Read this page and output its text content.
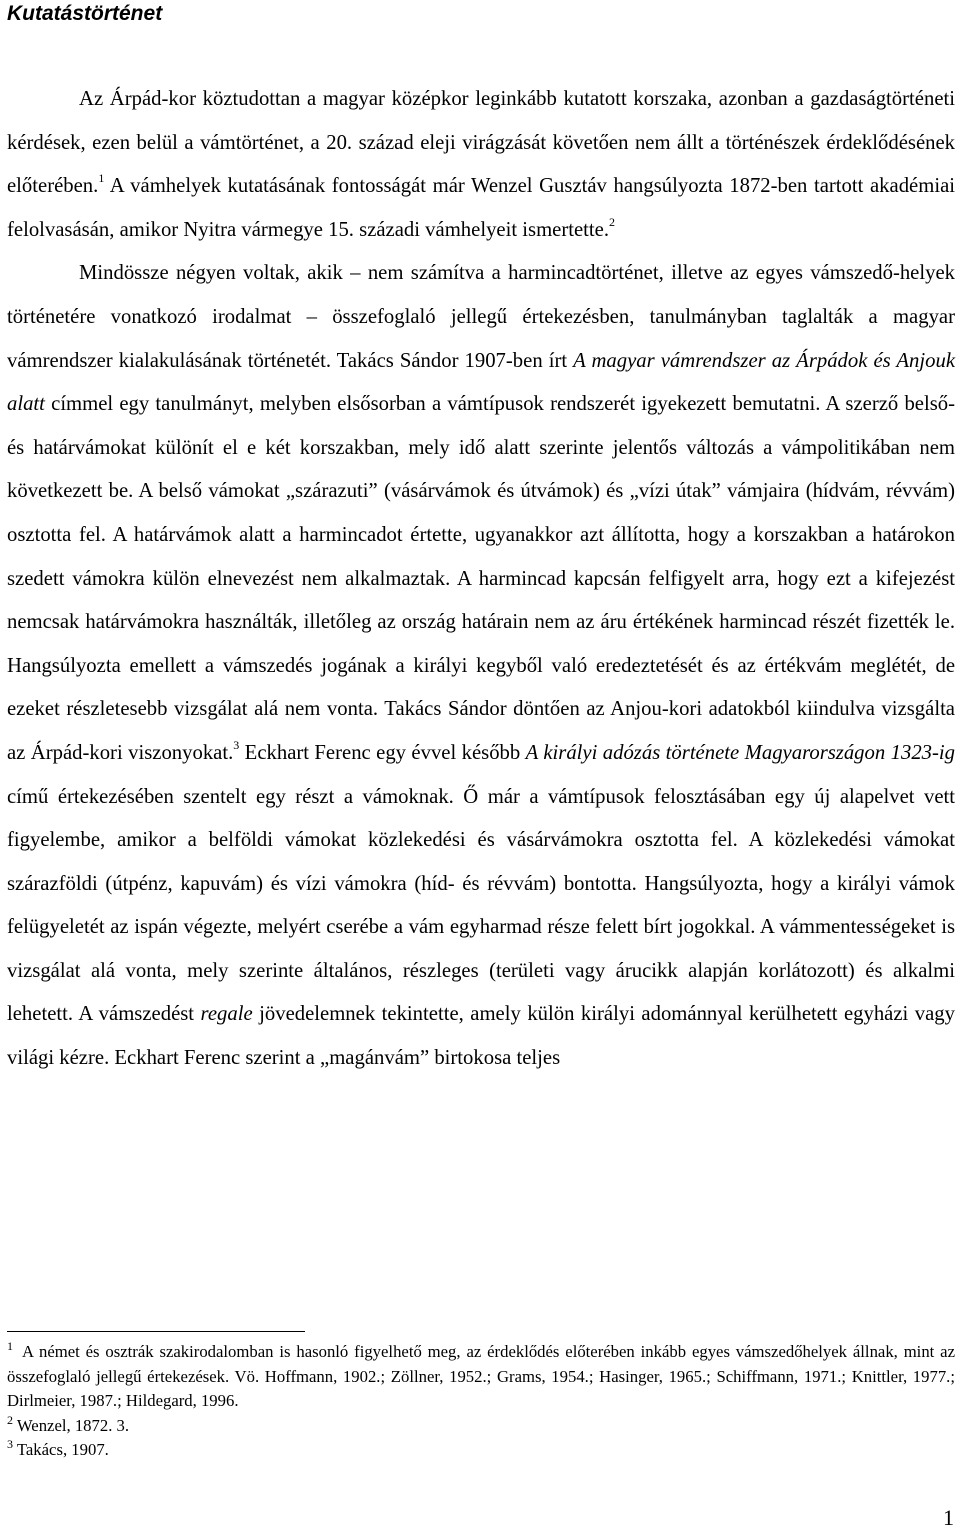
Kutatástörténet

Az Árpád-kor köztudottan a magyar középkor leginkább kutatott korszaka, azonban a gazdaságtörténeti kérdések, ezen belül a vámtörténet, a 20. század eleji virágzását követően nem állt a történészek érdeklődésének előterében.$^1$ A vámhelyek kutatásának fontosságát már Wenzel Gusztáv hangsúlyozta 1872-ben tartott akadémiai felolvasásán, amikor Nyitra vármegye 15. századi vámhelyeit ismertette.$^2$

Mindössze négyen voltak, akik – nem számítva a harmincadtörténet, illetve az egyes vámszedő-helyek történetére vonatkozó irodalmat – összefoglaló jellegű értekezésben, tanulmányban taglalták a magyar vámrendszer kialakulásának történetét. Takács Sándor 1907-ben írt A magyar vámrendszer az Árpádok és Anjouk alatt címmel egy tanulmányt, melyben elsősorban a vámtípusok rendszerét igyekezett bemutatni. A szerző belső- és határvámokat különít el e két korszakban, mely idő alatt szerinte jelentős változás a vámpolitikában nem következett be. A belső vámokat „szárazuti” (vásárvámok és útvámok) és „vízi útak” vámjaira (hídvám, révvám) osztotta fel. A határvámok alatt a harmincadot értette, ugyanakkor azt állította, hogy a korszakban a határokon szedett vámokra külön elnevezést nem alkalmaztak. A harmincad kapcsán felfigyelt arra, hogy ezt a kifejezést nemcsak határvámokra használták, illetőleg az ország határain nem az áru értékének harmincad részét fizették le. Hangsúlyozta emellett a vámszedés jogának a királyi kegyből való eredeztetését és az értékvám meglétét, de ezeket részletesebb vizsgálat alá nem vonta. Takács Sándor döntően az Anjou-kori adatokból kiindulva vizsgálta az Árpád-kori viszonyokat.$^3$ Eckhart Ferenc egy évvel később A királyi adózás története Magyarországon 1323-ig című értekezésében szentelt egy részt a vámoknak. Ő már a vámtípusok felosztásában egy új alapelvet vett figyelembe, amikor a belföldi vámokat közlekedési és vásárvámokra osztotta fel. A közlekedési vámokat szárazföldi (útpénz, kapuvám) és vízi vámokra (híd- és révvám) bontotta. Hangsúlyozta, hogy a királyi vámok felügyeletét az ispán végezte, melyért cserébe a vám egyharmad része felett bírt jogokkal. A vámmentességeket is vizsgálat alá vonta, mely szerinte általános, részleges (területi vagy árucikk alapján korlátozott) és alkalmi lehetett. A vámszedést regale jövedelemnek tekintette, amely külön királyi adománnyal kerülhetett egyházi vagy világi kézre. Eckhart Ferenc szerint a „magánvám” birtokosa teljes

$^1$ A német és osztrák szakirodalomban is hasonló figyelhető meg, az érdeklődés előterében inkább egyes vámszedőhelyek állnak, mint az összefoglaló jellegű értekezések. Vö. Hoffmann, 1902.; Zöllner, 1952.; Grams, 1954.; Hasinger, 1965.; Schiffmann, 1971.; Knittler, 1977.; Dirlmeier, 1987.; Hildegard, 1996.

$^2$ Wenzel, 1872. 3.

$^3$ Takács, 1907.

1
